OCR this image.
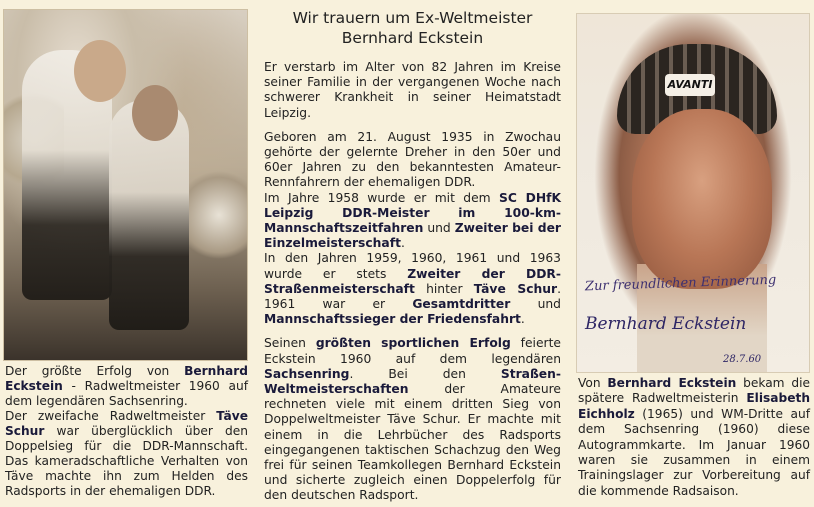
Der größte Erfolg von Bernhard Eckstein - Radweltmeister 1960 auf dem legendären Sachsenring.
Der zweifache Radweltmeister Täve Schur war überglücklich über den Doppelsieg für die DDR-Mannschaft. Das kameradschaftliche Verhalten von Täve machte ihn zum Helden des Radsports in der ehemaligen DDR.
Wir trauern um Ex-Weltmeister
Bernhard Eckstein
Er verstarb im Alter von 82 Jahren im Kreise seiner Familie in der vergangenen Woche nach schwerer Krankheit in seiner Heimatstadt Leipzig.
Geboren am 21. August 1935 in Zwochau gehörte der gelernte Dreher in den 50er und 60er Jahren zu den bekanntesten Amateur-Rennfahrern der ehemaligen DDR.
Im Jahre 1958 wurde er mit dem SC DHfK Leipzig DDR-Meister im 100-km-Mannschaftszeitfahren und Zweiter bei der Einzelmeisterschaft.
In den Jahren 1959, 1960, 1961 und 1963 wurde er stets Zweiter der DDR-Straßenmeisterschaft hinter Täve Schur. 1961 war er Gesamtdritter und Mannschaftssieger der Friedensfahrt.
Seinen größten sportlichen Erfolg feierte Eckstein 1960 auf dem legendären Sachsenring. Bei den Straßen-Weltmeisterschaften der Amateure rechneten viele mit einem dritten Sieg von Doppelweltmeister Täve Schur. Er machte mit einem in die Lehrbücher des Radsports eingegangenen taktischen Schachzug den Weg frei für seinen Teamkollegen Bernhard Eckstein und sicherte zugleich einen Doppelerfolg für den deutschen Radsport.
AVANTI
Zur freundlichen Erinnerung
Bernhard Eckstein
28.7.60
Von Bernhard Eckstein bekam die spätere Radweltmeisterin Elisabeth Eichholz (1965) und WM-Dritte auf dem Sachsenring (1960) diese Autogrammkarte. Im Januar 1960 waren sie zusammen in einem Trainingslager zur Vorbereitung auf die kommende Radsaison.
